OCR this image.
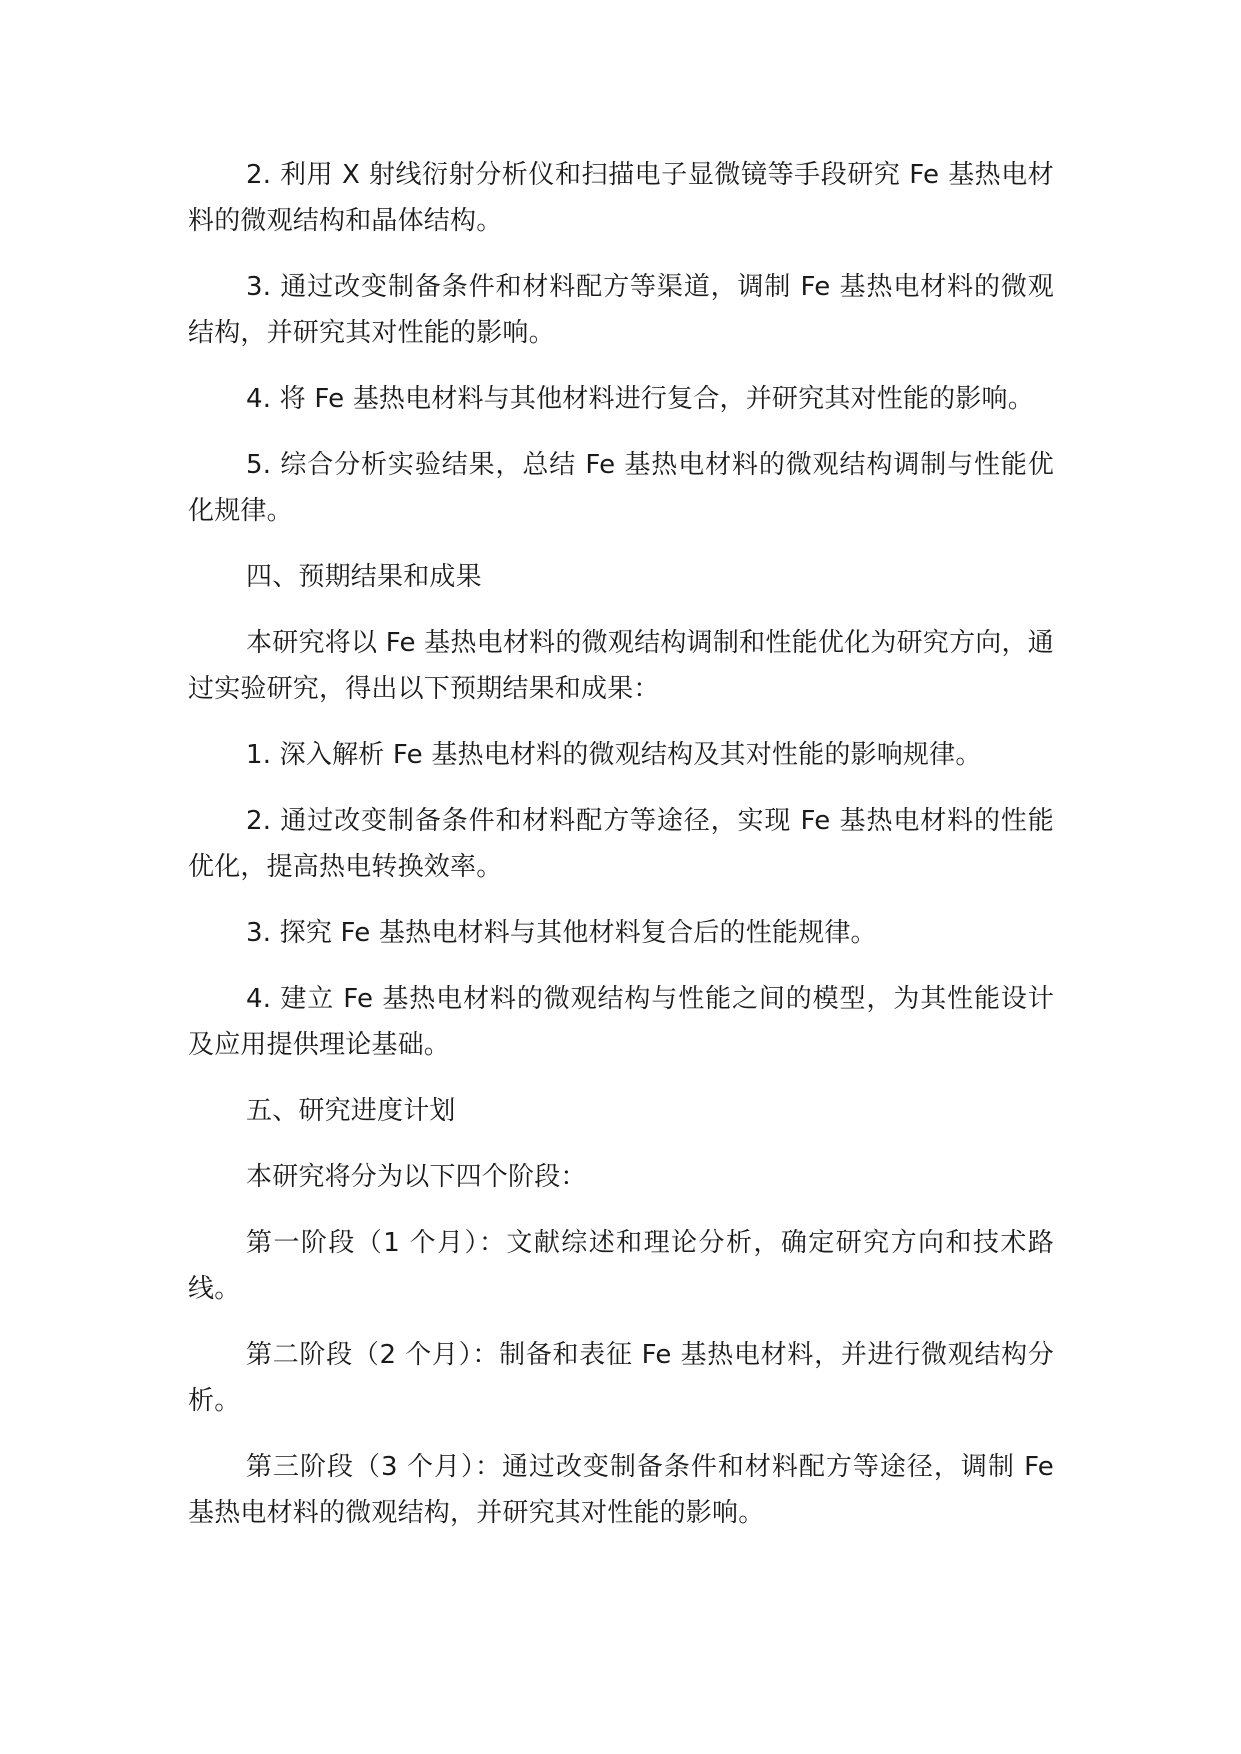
2. 利用 X 射线衍射分析仪和扫描电子显微镜等手段研究 Fe 基热电材料的微观结构和晶体结构。

3. 通过改变制备条件和材料配方等渠道，调制 Fe 基热电材料的微观结构，并研究其对性能的影响。

4. 将 Fe 基热电材料与其他材料进行复合，并研究其对性能的影响。

5. 综合分析实验结果，总结 Fe 基热电材料的微观结构调制与性能优化规律。

四、预期结果和成果

本研究将以 Fe 基热电材料的微观结构调制和性能优化为研究方向，通过实验研究，得出以下预期结果和成果：

1. 深入解析 Fe 基热电材料的微观结构及其对性能的影响规律。

2. 通过改变制备条件和材料配方等途径，实现 Fe 基热电材料的性能优化，提高热电转换效率。

3. 探究 Fe 基热电材料与其他材料复合后的性能规律。

4. 建立 Fe 基热电材料的微观结构与性能之间的模型，为其性能设计及应用提供理论基础。

五、研究进度计划

本研究将分为以下四个阶段：

第一阶段（1 个月）：文献综述和理论分析，确定研究方向和技术路线。

第二阶段（2 个月）：制备和表征 Fe 基热电材料，并进行微观结构分析。

第三阶段（3 个月）：通过改变制备条件和材料配方等途径，调制 Fe 基热电材料的微观结构，并研究其对性能的影响。
